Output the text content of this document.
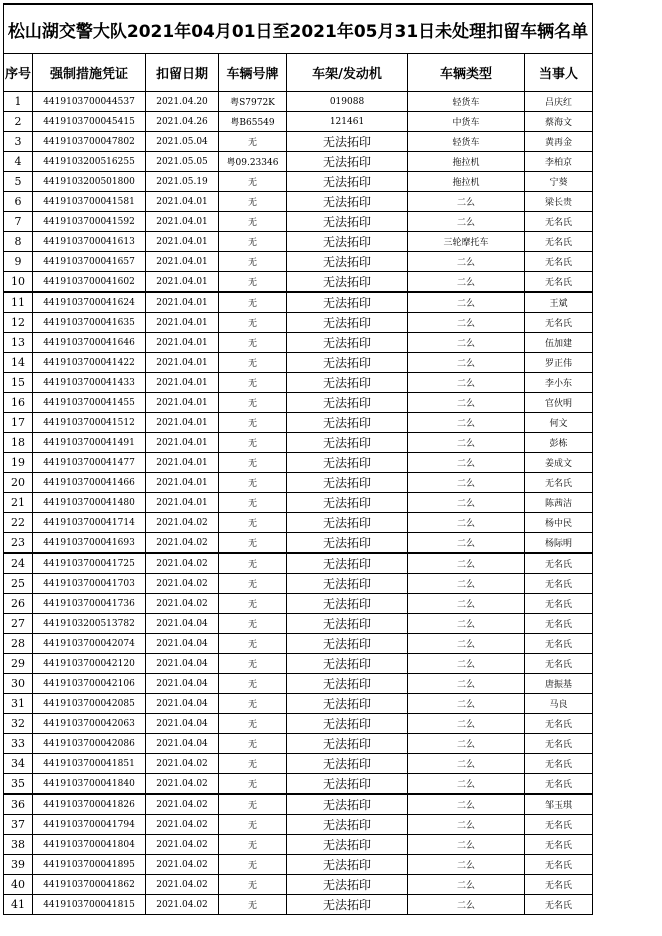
松山湖交警大队2021年04月01日至2021年05月31日未处理扣留车辆名单						
序号	强制措施凭证	扣留日期	车辆号牌	车架/发动机	车辆类型	当事人
1	4419103700044537	2021.04.20	粤S7972K	019088	轻货车	吕庆红
2	4419103700045415	2021.04.26	粤B65549	121461	中货车	蔡海文
3	4419103700047802	2021.05.04	无	无法拓印	轻货车	黄再金
4	4419103200516255	2021.05.05	粤09.23346	无法拓印	拖拉机	李柏京
5	4419103200501800	2021.05.19	无	无法拓印	拖拉机	宁葵
6	4419103700041581	2021.04.01	无	无法拓印	二么	梁长贵
7	4419103700041592	2021.04.01	无	无法拓印	二么	无名氏
8	4419103700041613	2021.04.01	无	无法拓印	三轮摩托车	无名氏
9	4419103700041657	2021.04.01	无	无法拓印	二么	无名氏
10	4419103700041602	2021.04.01	无	无法拓印	二么	无名氏
11	4419103700041624	2021.04.01	无	无法拓印	二么	王斌
12	4419103700041635	2021.04.01	无	无法拓印	二么	无名氏
13	4419103700041646	2021.04.01	无	无法拓印	二么	伍加建
14	4419103700041422	2021.04.01	无	无法拓印	二么	罗正伟
15	4419103700041433	2021.04.01	无	无法拓印	二么	李小东
16	4419103700041455	2021.04.01	无	无法拓印	二么	官伙明
17	4419103700041512	2021.04.01	无	无法拓印	二么	何文
18	4419103700041491	2021.04.01	无	无法拓印	二么	彭栋
19	4419103700041477	2021.04.01	无	无法拓印	二么	姜成文
20	4419103700041466	2021.04.01	无	无法拓印	二么	无名氏
21	4419103700041480	2021.04.01	无	无法拓印	二么	陈茜洁
22	4419103700041714	2021.04.02	无	无法拓印	二么	杨中民
23	4419103700041693	2021.04.02	无	无法拓印	二么	杨际明
24	4419103700041725	2021.04.02	无	无法拓印	二么	无名氏
25	4419103700041703	2021.04.02	无	无法拓印	二么	无名氏
26	4419103700041736	2021.04.02	无	无法拓印	二么	无名氏
27	4419103200513782	2021.04.04	无	无法拓印	二么	无名氏
28	4419103700042074	2021.04.04	无	无法拓印	二么	无名氏
29	4419103700042120	2021.04.04	无	无法拓印	二么	无名氏
30	4419103700042106	2021.04.04	无	无法拓印	二么	唐振基
31	4419103700042085	2021.04.04	无	无法拓印	二么	马良
32	4419103700042063	2021.04.04	无	无法拓印	二么	无名氏
33	4419103700042086	2021.04.04	无	无法拓印	二么	无名氏
34	4419103700041851	2021.04.02	无	无法拓印	二么	无名氏
35	4419103700041840	2021.04.02	无	无法拓印	二么	无名氏
36	4419103700041826	2021.04.02	无	无法拓印	二么	邹玉琪
37	4419103700041794	2021.04.02	无	无法拓印	二么	无名氏
38	4419103700041804	2021.04.02	无	无法拓印	二么	无名氏
39	4419103700041895	2021.04.02	无	无法拓印	二么	无名氏
40	4419103700041862	2021.04.02	无	无法拓印	二么	无名氏
41	4419103700041815	2021.04.02	无	无法拓印	二么	无名氏
